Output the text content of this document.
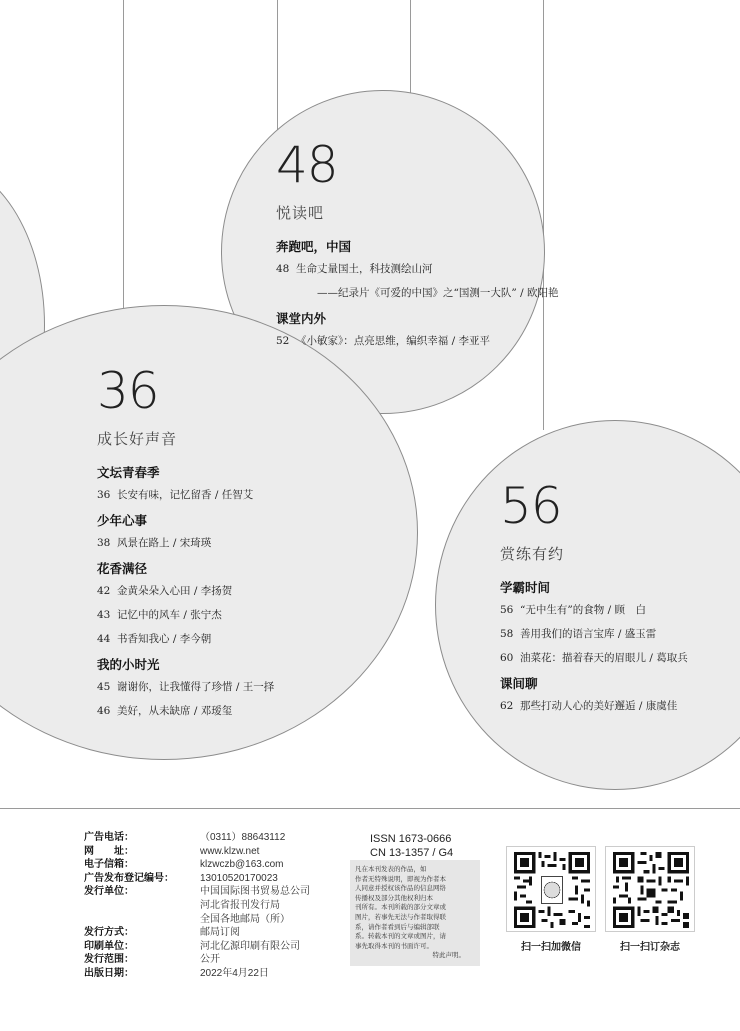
48
悦读吧
奔跑吧，中国
48 生命丈量国土，科技测绘山河
——纪录片《可爱的中国》之“国测一大队” / 欧阳艳
课堂内外
52 《小敏家》：点亮思维，编织幸福 / 李亚平
36
成长好声音
文坛青春季
36 长安有味，记忆留香 / 任智艾
少年心事
38 风景在路上 / 宋琦瑛
花香满径
42 金黄朵朵入心田 / 李扬贺
43 记忆中的风车 / 张宁杰
44 书香知我心 / 李今朝
我的小时光
45 谢谢你，让我懂得了珍惜 / 王一择
46 美好，从未缺席 / 邓瑷玺
56
赏练有约
学霸时间
56 “无中生有”的食物 / 顾　白
58 善用我们的语言宝库 / 盛玉雷
60 油菜花：描着春天的眉眼儿 / 葛取兵
课间聊
62 那些打动人心的美好邂逅 / 康虞佳
广告电话：	（0311）88643112
网　　址：	www.klzw.net
电子信箱：	klzwczb@163.com
广告发布登记编号：	13010520170023
发行单位：	中国国际图书贸易总公司
河北省报刊发行局
全国各地邮局（所）
发行方式：	邮局订阅
印刷单位：	河北亿源印刷有限公司
发行范围：	公开
出版日期：	2022年4月22日
ISSN 1673-0666
CN 13-1357 / G4
凡在本刊发表的作品，如
作者无特殊说明，即视为作者本
人同意并授权该作品的信息网络
传播权及部分其他权利归本
刊所有。本刊所载的部分文章或
图片，若事先无法与作者取得联
系，请作者看到后与编辑部联
系。转载本刊的文章或图片，请
事先取得本刊的书面许可。
特此声明。
扫一扫加微信	扫一扫订杂志
